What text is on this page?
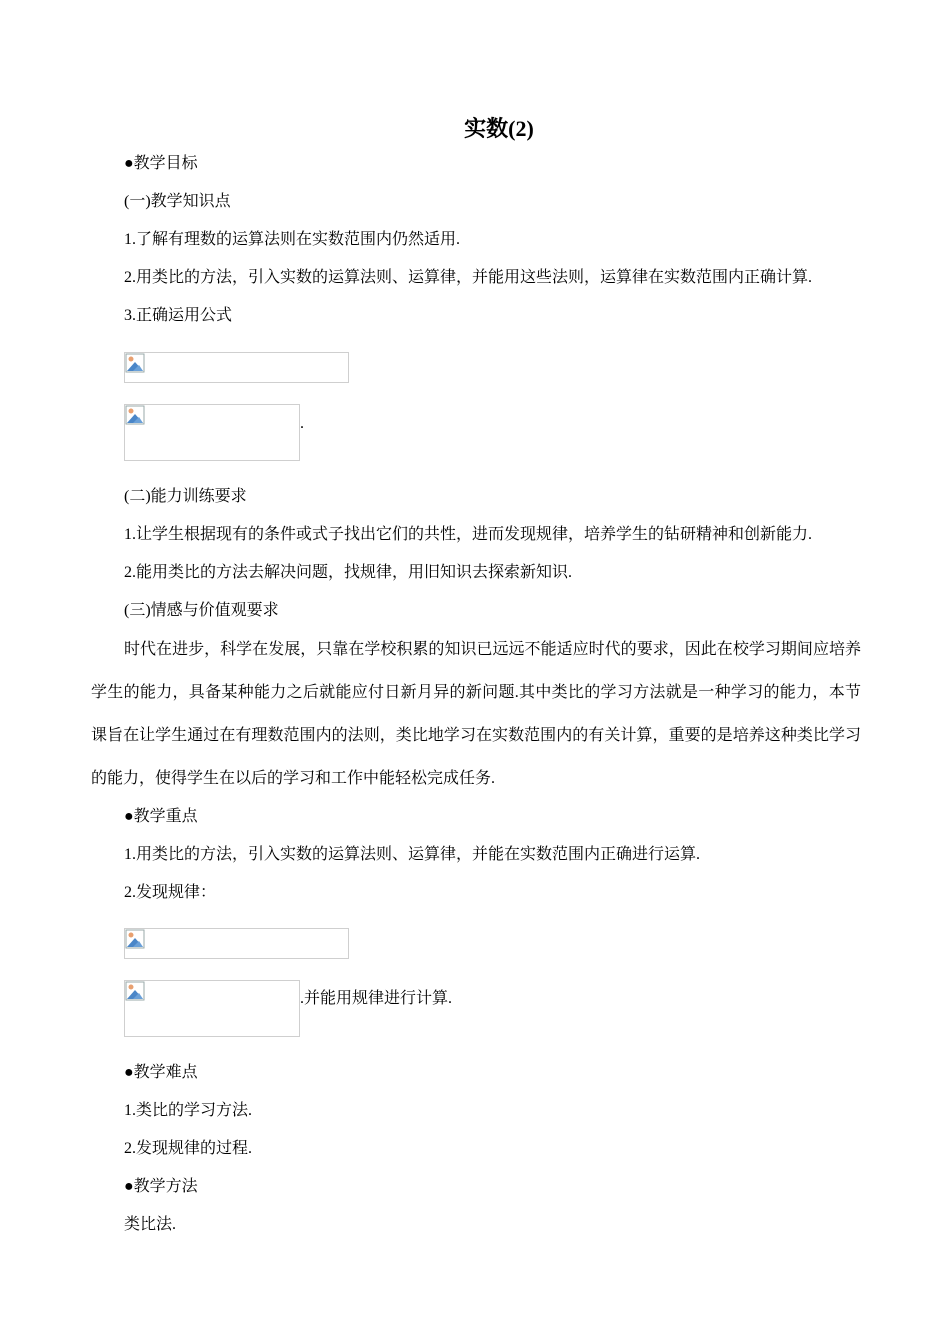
实数(2)
●教学目标
(一)教学知识点
1.了解有理数的运算法则在实数范围内仍然适用.
2.用类比的方法，引入实数的运算法则、运算律，并能用这些法则，运算律在实数范围内正确计算.
3.正确运用公式
.
(二)能力训练要求
1.让学生根据现有的条件或式子找出它们的共性，进而发现规律，培养学生的钻研精神和创新能力.
2.能用类比的方法去解决问题，找规律，用旧知识去探索新知识.
(三)情感与价值观要求
时代在进步，科学在发展，只靠在学校积累的知识已远远不能适应时代的要求，因此在校学习期间应培养学生的能力，具备某种能力之后就能应付日新月异的新问题.其中类比的学习方法就是一种学习的能力，本节课旨在让学生通过在有理数范围内的法则，类比地学习在实数范围内的有关计算，重要的是培养这种类比学习的能力，使得学生在以后的学习和工作中能轻松完成任务.
●教学重点
1.用类比的方法，引入实数的运算法则、运算律，并能在实数范围内正确进行运算.
2.发现规律：
.并能用规律进行计算.
●教学难点
1.类比的学习方法.
2.发现规律的过程.
●教学方法
类比法.
